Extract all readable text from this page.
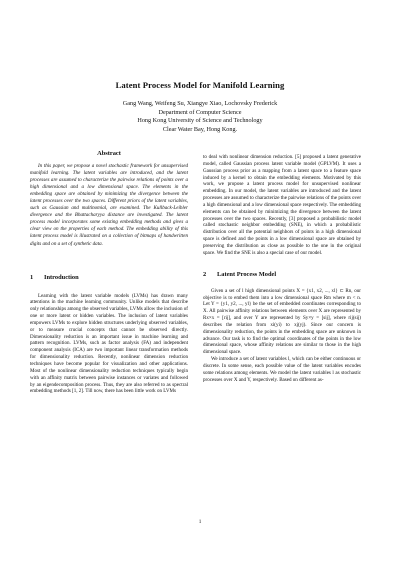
Latent Process Model for Manifold Learning
Gang Wang, Weifeng Su, Xiangye Xiao, Lochovsky Frederick
Department of Computer Science
Hong Kong University of Science and Technology
Clear Water Bay, Hong Kong.
Abstract

In this paper, we propose a novel stochastic framework for unsupervised manifold learning. The latent variables are introduced, and the latent processes are assumed to characterize the pairwise relations of points over a high dimensional and a low dimensional space. The elements in the embedding space are obtained by minimizing the divergence between the latent processes over the two spaces. Different priors of the latent variables, such as Gaussian and multinomial, are examined. The Kullback-Leibler divergence and the Bhattacharyya distance are investigated. The latent process model incorporates some existing embedding methods and gives a clear view on the properties of each method. The embedding ability of this latent process model is illustrated on a collection of bitmaps of handwritten digits and on a set of synthetic data.

1 Introduction

Learning with the latent variable models (LVMs) has drawn many attentions in the machine learning community. Unlike models that describe only relationships among the observed variables, LVMs allow the inclusion of one or more latent or hidden variables. The inclusion of latent variables empowers LVMs to explore hidden structures underlying observed variables, or to measure crucial concepts that cannot be observed directly. Dimensionality reduction is an important issue in machine learning and pattern recognition. LVMs, such as factor analysis (FA) and independent component analysis (ICA) are two important linear transformation methods for dimensionality reduction. Recently, nonlinear dimension reduction techniques have become popular for visualization and other applications. Most of the nonlinear dimensionality reduction techniques typically begin with an affinity matrix between pairwise instances or variates and followed by an eigendecomposition process. Thus, they are also referred to as spectral embedding methods [1, 2]. Till now, there has been little work on LVMs

to deal with nonlinear dimension reduction. [5] proposed a latent generative model, called Gaussian process latent variable model (GPLVM). It uses a Gaussian process prior as a mapping from a latent space to a feature space induced by a kernel to obtain the embedding elements. Motivated by this work, we propose a latent process model for unsupervised nonlinear embedding. In our model, the latent variables are introduced and the latent processes are assumed to characterize the pairwise relations of the points over a high dimensional and a low dimensional space respectively. The embedding elements can be obtained by minimizing the divergence between the latent processes over the two spaces. Recently, [3] proposed a probabilistic model called stochastic neighbor embedding (SNE), in which a probabilistic distribution over all the potential neighbors of points in a high dimensional space is defined and the points in a low dimensional space are obtained by preserving the distribution as close as possible to the one in the original space. We find the SNE is also a special case of our model.

2 Latent Process Model

Given a set of l high dimensional points X = {x1, x2, ..., xl} ⊂ Rn, our objective is to embed them into a low dimensional space Rm where m < n. Let Y = {y1, y2, ..., yl} be the set of embedded coordinates corresponding to X. All pairwise affinity relations between elements over X are represented by Rx×x = [rij], and over Y are represented by Sy×y = [sij], where rij(sij) describes the relation from xi(yi) to xj(yj). Since our concern is dimensionality reduction, the points in the embedding space are unknown in advance. Our task is to find the optimal coordinates of the points in the low dimensional space, whose affinity relations are similar to those in the high dimensional space.

We introduce a set of latent variables l, which can be either continuous or discrete. In some sense, each possible value of the latent variables encodes some relations among elements. We model the latent variables l as stochastic processes over X and Y, respectively. Based on different as-

1
